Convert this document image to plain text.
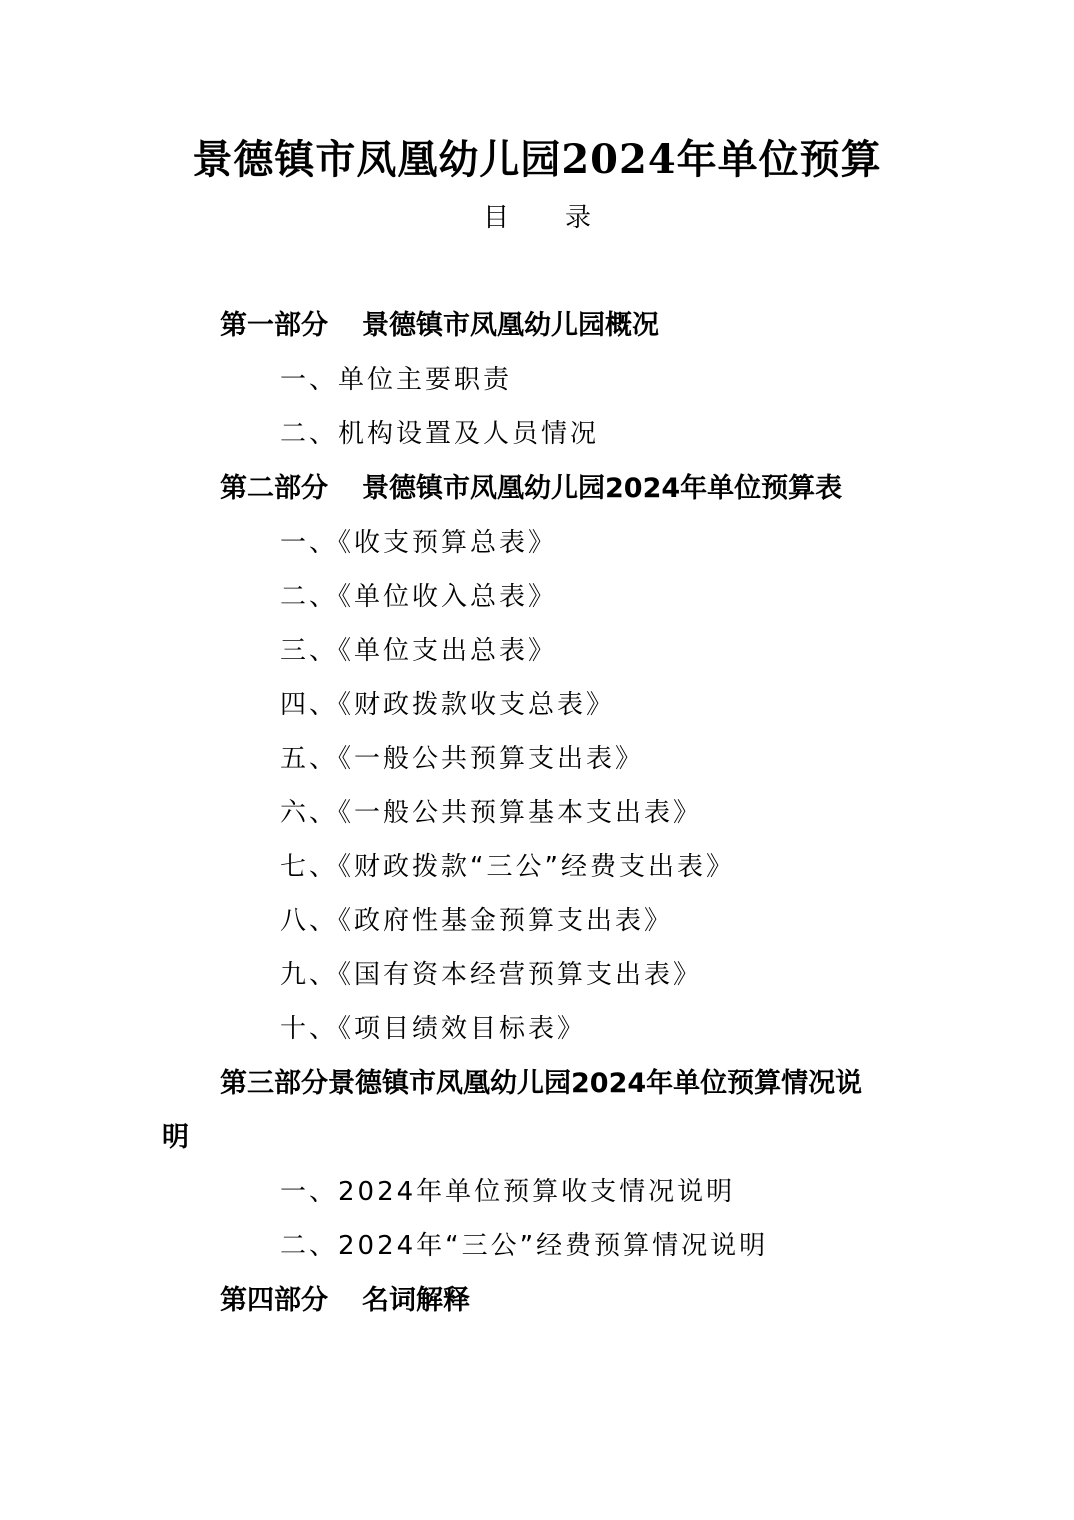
景德镇市凤凰幼儿园2024年单位预算
目 录
第一部分 景德镇市凤凰幼儿园概况
一、单位主要职责
二、机构设置及人员情况
第二部分 景德镇市凤凰幼儿园2024年单位预算表
一、《收支预算总表》
二、《单位收入总表》
三、《单位支出总表》
四、《财政拨款收支总表》
五、《一般公共预算支出表》
六、《一般公共预算基本支出表》
七、《财政拨款“三公”经费支出表》
八、《政府性基金预算支出表》
九、《国有资本经营预算支出表》
十、《项目绩效目标表》
第三部分景德镇市凤凰幼儿园2024年单位预算情况说
明
一、2024年单位预算收支情况说明
二、2024年“三公”经费预算情况说明
第四部分 名词解释
